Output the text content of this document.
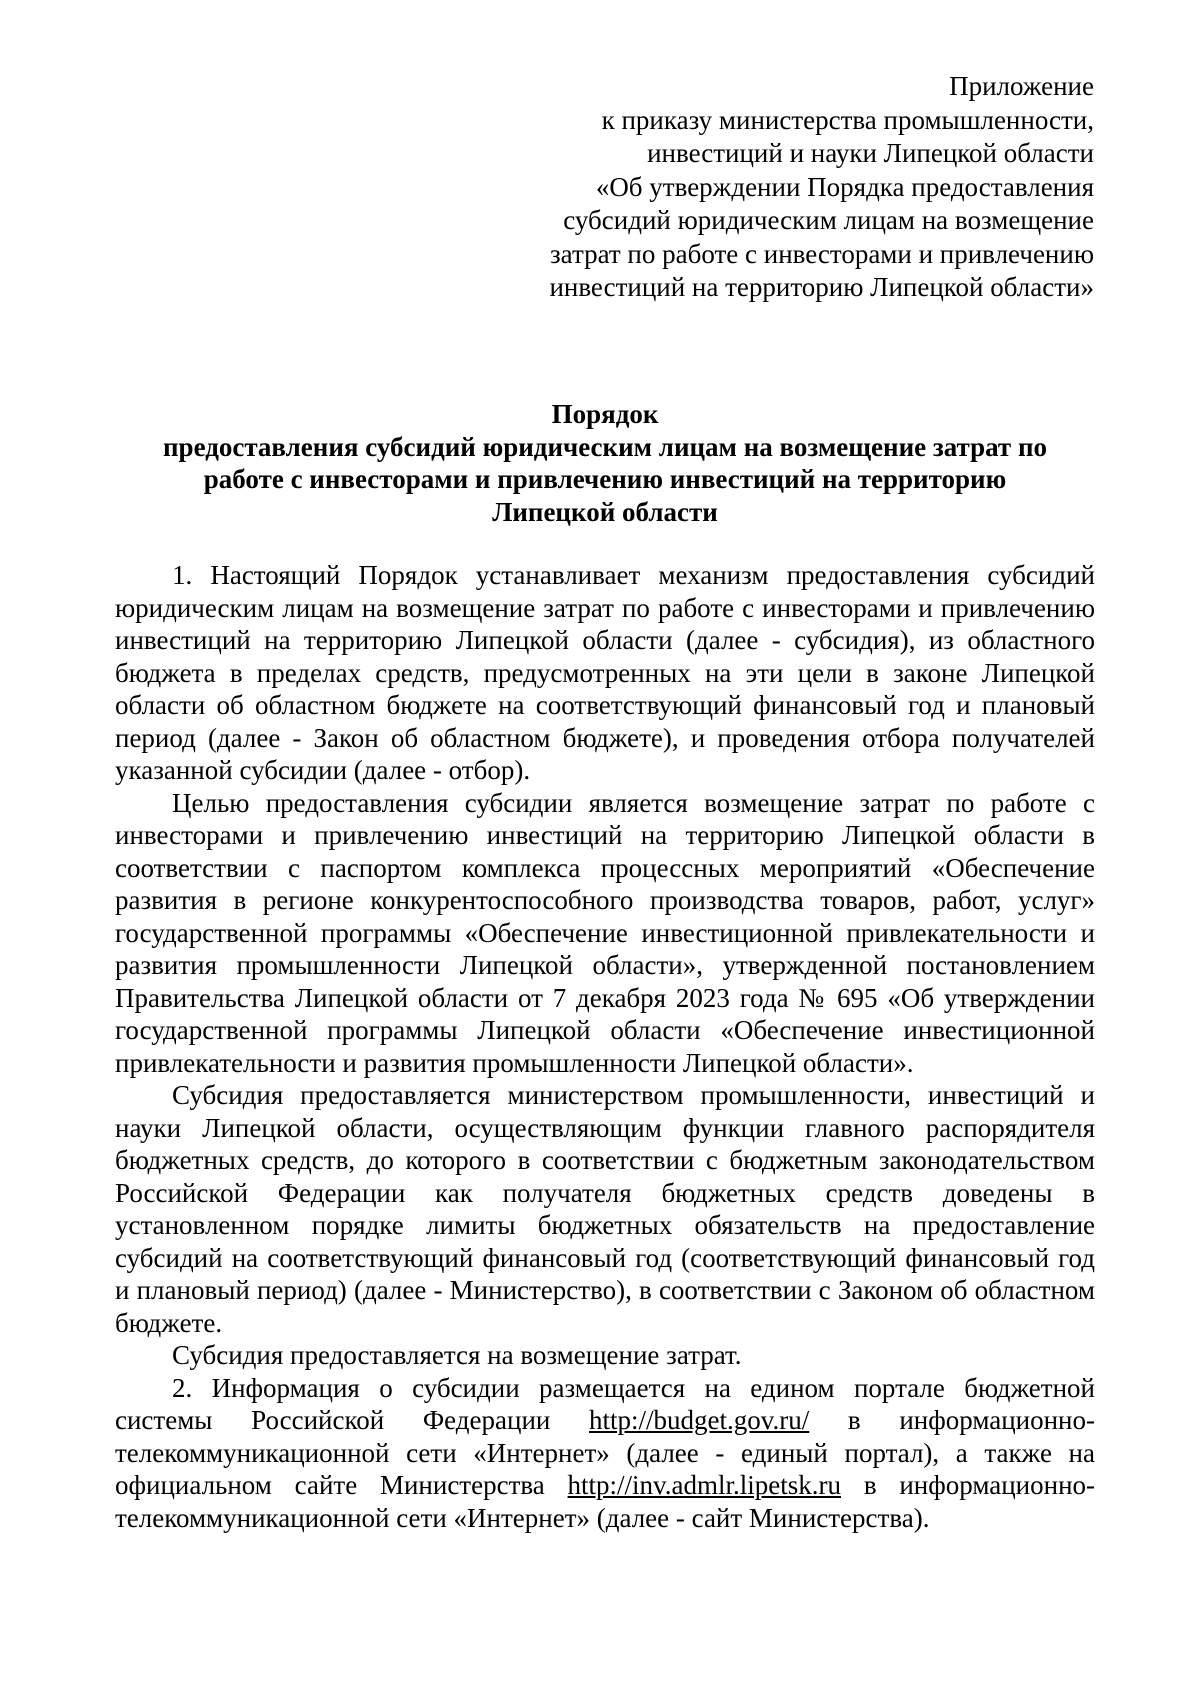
Приложение
к приказу министерства промышленности,
инвестиций и науки Липецкой области
«Об утверждении Порядка предоставления
субсидий юридическим лицам на возмещение
затрат по работе с инвесторами и привлечению
инвестиций на территорию Липецкой области»
Порядок
предоставления субсидий юридическим лицам на возмещение затрат по
работе с инвесторами и привлечению инвестиций на территорию
Липецкой области

1. Настоящий Порядок устанавливает механизм предоставления субсидий юридическим лицам на возмещение затрат по работе с инвесторами и привлечению инвестиций на территорию Липецкой области (далее - субсидия), из областного бюджета в пределах средств, предусмотренных на эти цели в законе Липецкой области об областном бюджете на соответствующий финансовый год и плановый период (далее - Закон об областном бюджете), и проведения отбора получателей указанной субсидии (далее - отбор).

Целью предоставления субсидии является возмещение затрат по работе с инвесторами и привлечению инвестиций на территорию Липецкой области в соответствии с паспортом комплекса процессных мероприятий «Обеспечение развития в регионе конкурентоспособного производства товаров, работ, услуг» государственной программы «Обеспечение инвестиционной привлекательности и развития промышленности Липецкой области», утвержденной постановлением Правительства Липецкой области от 7 декабря 2023 года № 695 «Об утверждении государственной программы Липецкой области «Обеспечение инвестиционной привлекательности и развития промышленности Липецкой области».

Субсидия предоставляется министерством промышленности, инвестиций и науки Липецкой области, осуществляющим функции главного распорядителя бюджетных средств, до которого в соответствии с бюджетным законодательством Российской Федерации как получателя бюджетных средств доведены в установленном порядке лимиты бюджетных обязательств на предоставление субсидий на соответствующий финансовый год (соответствующий финансовый год и плановый период) (далее - Министерство), в соответствии с Законом об областном бюджете.

Субсидия предоставляется на возмещение затрат.

2. Информация о субсидии размещается на едином портале бюджетной системы Российской Федерации http://budget.gov.ru/ в информационно-телекоммуникационной сети «Интернет» (далее - единый портал), а также на официальном сайте Министерства http://inv.admlr.lipetsk.ru в информационно-телекоммуникационной сети «Интернет» (далее - сайт Министерства).
